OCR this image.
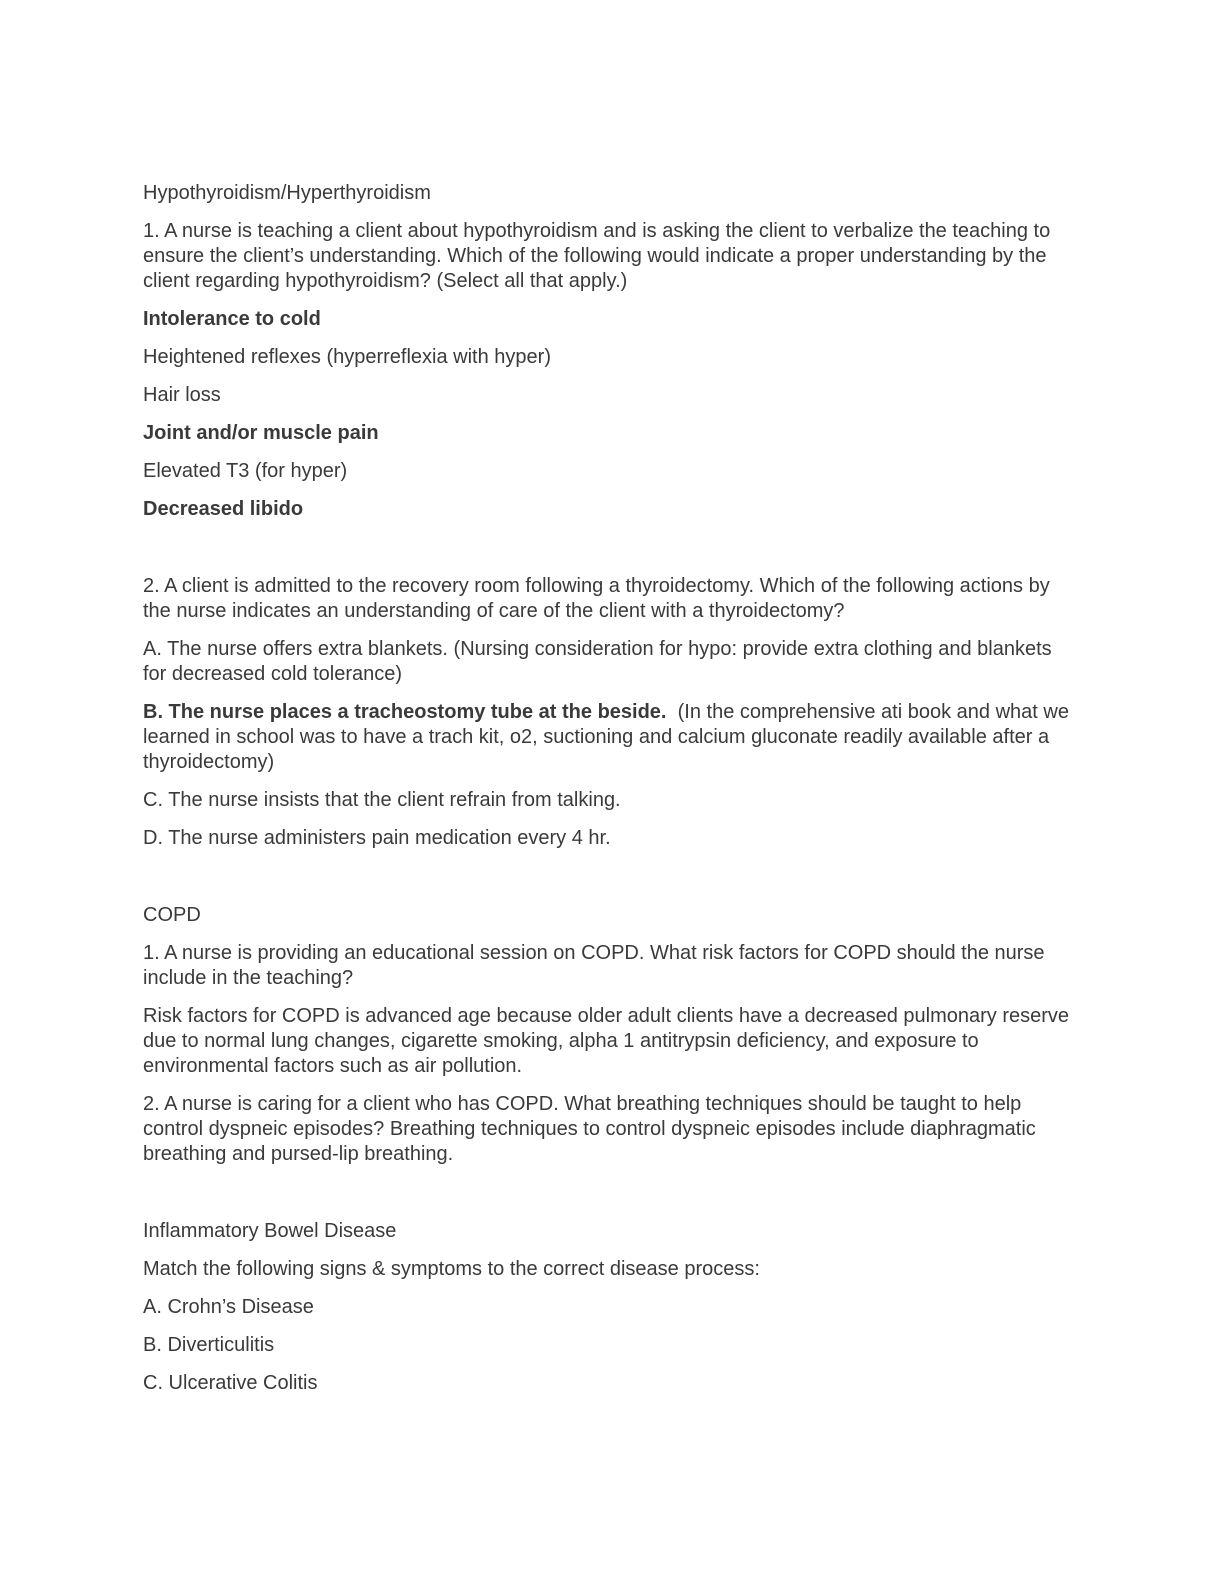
Hypothyroidism/Hyperthyroidism

1. A nurse is teaching a client about hypothyroidism and is asking the client to verbalize the teaching to ensure the client’s understanding. Which of the following would indicate a proper understanding by the client regarding hypothyroidism? (Select all that apply.)

Intolerance to cold

Heightened reflexes (hyperreflexia with hyper)

Hair loss

Joint and/or muscle pain

Elevated T3 (for hyper)

Decreased libido

2. A client is admitted to the recovery room following a thyroidectomy. Which of the following actions by the nurse indicates an understanding of care of the client with a thyroidectomy?

A. The nurse offers extra blankets. (Nursing consideration for hypo: provide extra clothing and blankets for decreased cold tolerance)

B. The nurse places a tracheostomy tube at the beside.  (In the comprehensive ati book and what we learned in school was to have a trach kit, o2, suctioning and calcium gluconate readily available after a thyroidectomy)

C. The nurse insists that the client refrain from talking.

D. The nurse administers pain medication every 4 hr.

COPD

1. A nurse is providing an educational session on COPD. What risk factors for COPD should the nurse include in the teaching?

Risk factors for COPD is advanced age because older adult clients have a decreased pulmonary reserve due to normal lung changes, cigarette smoking, alpha 1 antitrypsin deficiency, and exposure to environmental factors such as air pollution.

2. A nurse is caring for a client who has COPD. What breathing techniques should be taught to help control dyspneic episodes? Breathing techniques to control dyspneic episodes include diaphragmatic breathing and pursed-lip breathing.

Inflammatory Bowel Disease

Match the following signs & symptoms to the correct disease process:

A. Crohn’s Disease

B. Diverticulitis

C. Ulcerative Colitis
